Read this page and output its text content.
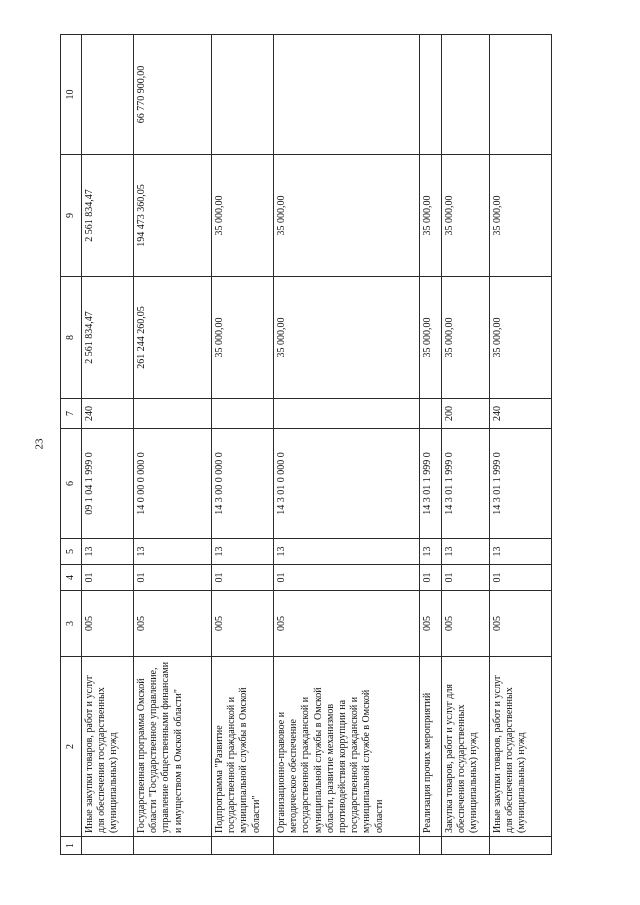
23
1	2	3	4	5	6	7	8	9	10
	Иные закупки товаров, работ и услуг для обеспечения государственных (муниципальных) нужд	005	01	13	09 1 04 1 999 0	240	2 561 834,47	2 561 834,47	
	Государственная программа Омской области "Государственное управление, управление общественными финансами и имуществом в Омской области"	005	01	13	14 0 00 0 000 0		261 244 260,05	194 473 360,05	66 770 900,00
	Подпрограмма "Развитие государственной гражданской и муниципальной службы в Омской области"	005	01	13	14 3 00 0 000 0		35 000,00	35 000,00	
	Организационно-правовое и методическое обеспечение государственной гражданской и муниципальной службы в Омской области, развитие механизмов противодействия коррупции на государственной гражданской и муниципальной службе в Омской области	005	01	13	14 3 01 0 000 0		35 000,00	35 000,00	
	Реализация прочих мероприятий	005	01	13	14 3 01 1 999 0		35 000,00	35 000,00	
	Закупка товаров, работ и услуг для обеспечения государственных (муниципальных) нужд	005	01	13	14 3 01 1 999 0	200	35 000,00	35 000,00	
	Иные закупки товаров, работ и услуг для обеспечения государственных (муниципальных) нужд	005	01	13	14 3 01 1 999 0	240	35 000,00	35 000,00	
